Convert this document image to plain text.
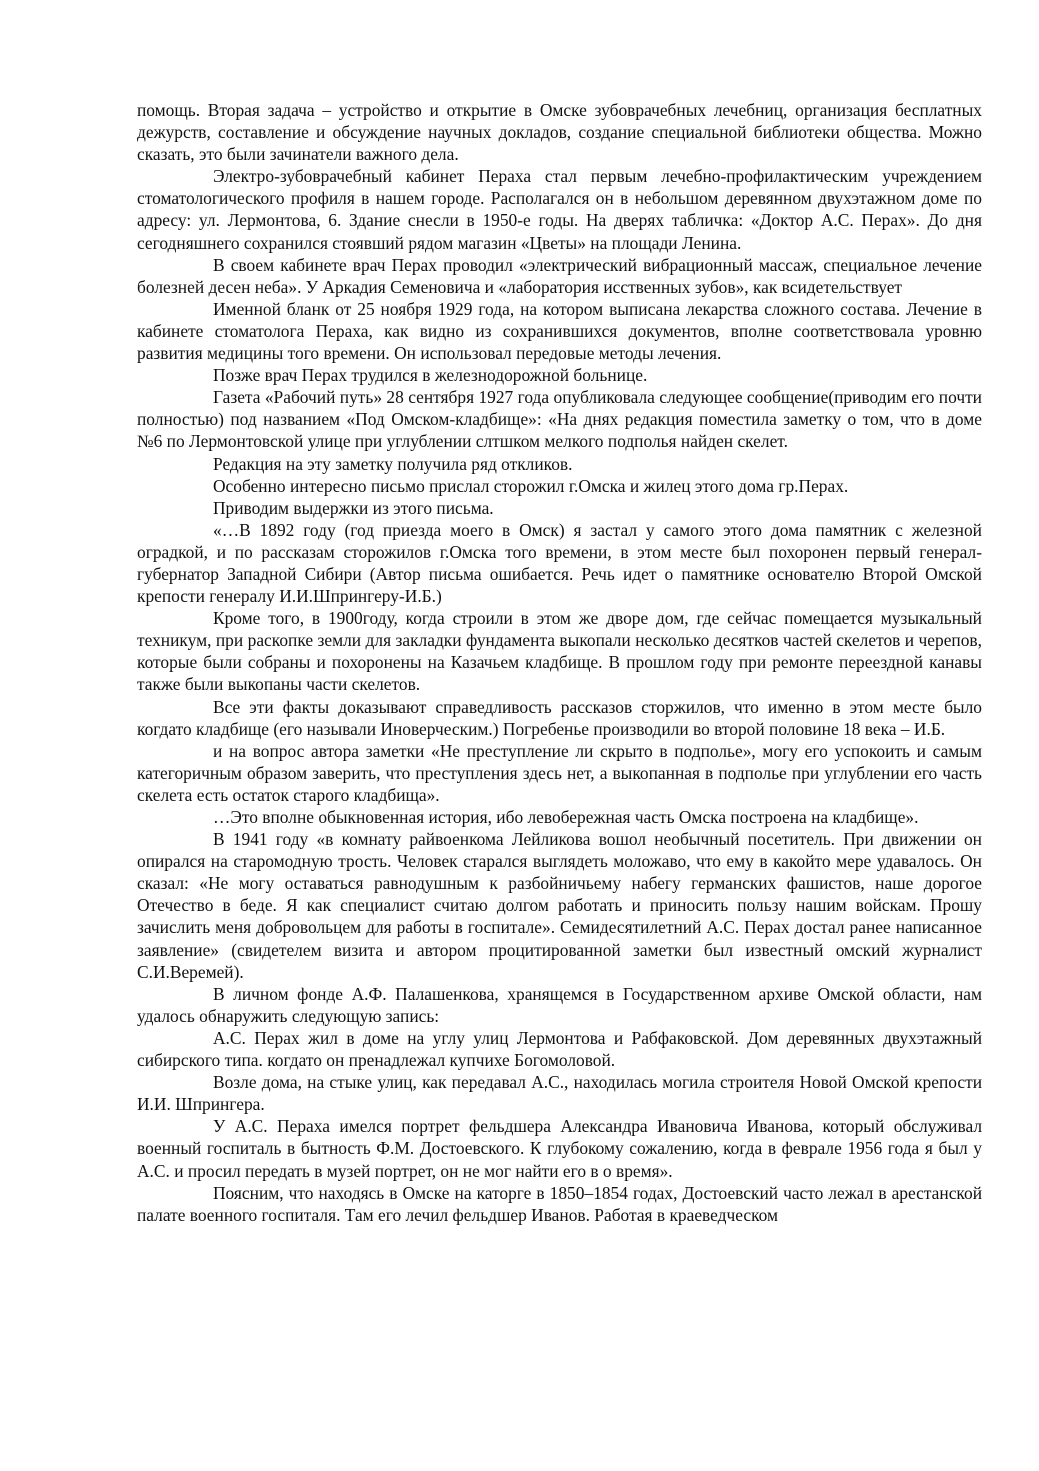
помощь. Вторая задача – устройство и открытие в Омске зубоврачебных лечебниц, организация бесплатных дежурств, составление и обсуждение научных докладов, создание специальной библиотеки общества. Можно сказать, это были зачинатели важного дела.

Электро-зубоврачебный кабинет Пераха стал первым лечебно-профилактическим учреждением стоматологического профиля в нашем городе. Располагался он в небольшом деревянном двухэтажном доме по адресу: ул. Лермонтова, 6. Здание снесли в 1950-е годы. На дверях табличка: «Доктор А.С. Перах». До дня сегодняшнего сохранился стоявший рядом магазин «Цветы» на площади Ленина.

В своем кабинете врач Перах проводил «электрический вибрационный массаж, специальное лечение болезней десен неба». У Аркадия Семеновича и «лаборатория исственных зубов», как всидетельствует

Именной бланк от 25 ноября 1929 года, на котором выписана лекарства сложного состава. Лечение в кабинете стоматолога Пераха, как видно из сохранившихся документов, вполне соответствовала уровню развития медицины того времени. Он использовал передовые методы лечения.

Позже врач Перах трудился в железнодорожной больнице.

Газета «Рабочий путь» 28 сентября 1927 года опубликовала следующее сообщение(приводим его почти полностью) под названием «Под Омском-кладбище»: «На днях редакция поместила заметку о том, что в доме №6 по Лермонтовской улице при углублении слтшком мелкого подполья найден скелет.

Редакция на эту заметку получила ряд откликов.

Особенно интересно письмо прислал сторожил г.Омска и жилец этого дома гр.Перах.

Приводим выдержки из этого письма.

«…В 1892 году (год приезда моего в Омск) я застал у самого этого дома памятник с железной оградкой, и по рассказам сторожилов г.Омска того времени, в этом месте был похоронен первый генерал-губернатор Западной Сибири (Автор письма ошибается. Речь идет о памятнике основателю Второй Омской крепости генералу И.И.Шпрингеру-И.Б.)

Кроме того, в 1900году, когда строили в этом же дворе дом, где сейчас помещается музыкальный техникум, при раскопке земли для закладки фундамента выкопали несколько десятков частей скелетов и черепов, которые были собраны и похоронены на Казачьем кладбище. В прошлом году при ремонте переездной канавы также были выкопаны части скелетов.

Все эти факты доказывают справедливость рассказов сторжилов, что именно в этом месте было когдато кладбище (его называли Иноверческим.) Погребенье производили во второй половине 18 века – И.Б.

и на вопрос автора заметки «Не преступление ли скрыто в подполье», могу его успокоить и самым категоричным образом заверить, что преступления здесь нет, а выкопанная в подполье при углублении его часть скелета есть остаток старого кладбища».

…Это вполне обыкновенная история, ибо левобережная часть Омска построена на кладбище».

В 1941 году «в комнату райвоенкома Лейликова вошол необычный посетитель. При движении он опирался на старомодную трость. Человек старался выглядеть моложаво, что ему в какойто мере удавалось. Он сказал: «Не могу оставаться равнодушным к разбойничьему набегу германских фашистов, наше дорогое Отечество в беде. Я как специалист считаю долгом работать и приносить пользу нашим войскам. Прошу зачислить меня добровольцем для работы в госпитале». Семидесятилетний А.С. Перах достал ранее написанное заявление» (свидетелем визита и автором процитированной заметки был известный омский журналист С.И.Веремей).

В личном фонде А.Ф. Палашенкова, хранящемся в Государственном архиве Омской области, нам удалось обнаружить следующую запись:

А.С. Перах жил в доме на углу улиц Лермонтова и Рабфаковской. Дом деревянных двухэтажный сибирского типа. когдато он пренадлежал купчихе Богомоловой.

Возле дома, на стыке улиц, как передавал А.С., находилась могила строителя Новой Омской крепости И.И. Шпрингера.

У А.С. Пераха имелся портрет фельдшера Александра Ивановича Иванова, который обслуживал военный госпиталь в бытность Ф.М. Достоевского. К глубокому сожалению, когда в феврале 1956 года я был у А.С. и просил передать в музей портрет, он не мог найти его в о время».

Поясним, что находясь в Омске на каторге в 1850–1854 годах, Достоевский часто лежал в арестанской палате военного госпиталя. Там его лечил фельдшер Иванов. Работая в краеведческом
